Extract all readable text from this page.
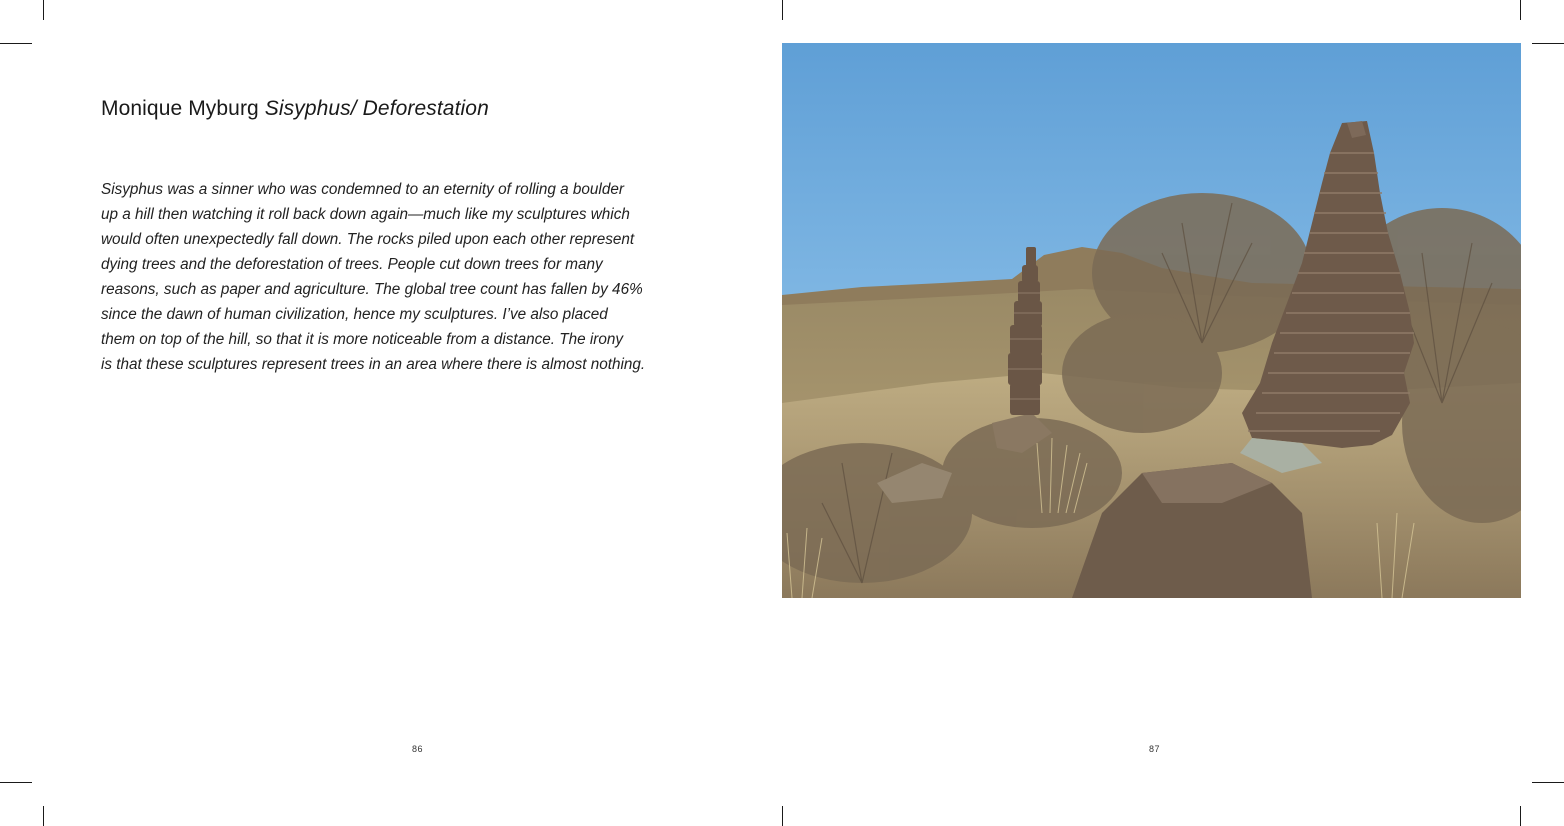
Monique Myburg Sisyphus/ Deforestation

Sisyphus was a sinner who was condemned to an eternity of rolling a boulder
up a hill then watching it roll back down again—much like my sculptures which
would often unexpectedly fall down. The rocks piled upon each other represent
dying trees and the deforestation of trees. People cut down trees for many
reasons, such as paper and agriculture. The global tree count has fallen by 46%
since the dawn of human civilization, hence my sculptures. I’ve also placed
them on top of the hill, so that it is more noticeable from a distance. The irony
is that these sculptures represent trees in an area where there is almost nothing.

86	87
